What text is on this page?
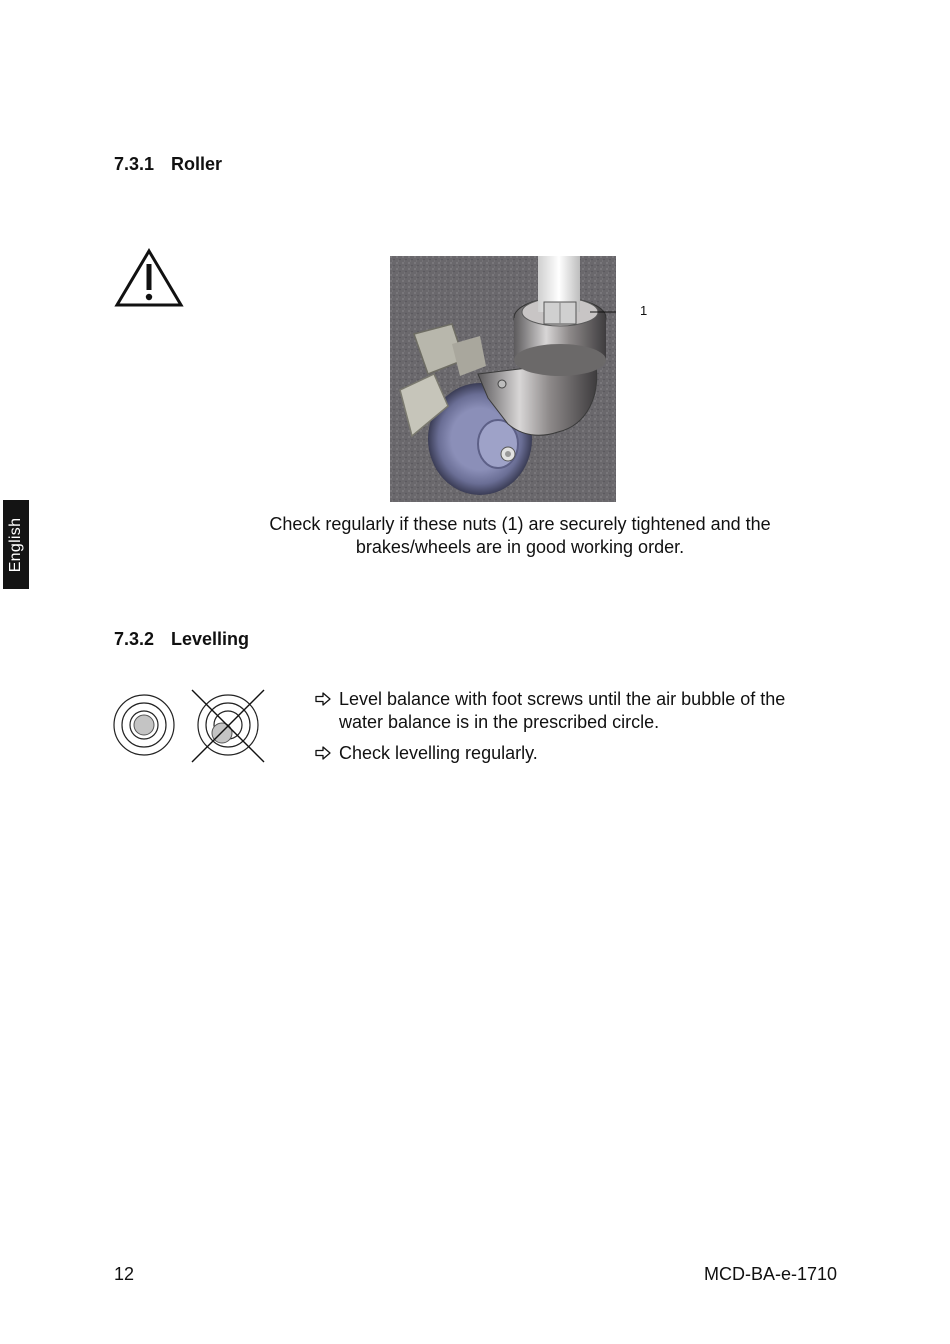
7.3.1 Roller
English
1

Check regularly if these nuts (1) are securely tightened and the
brakes/wheels are in good working order.

7.3.2 Levelling
Level balance with foot screws until the air bubble of the water balance is in the prescribed circle.
Check levelling regularly.
12	MCD-BA-e-1710
